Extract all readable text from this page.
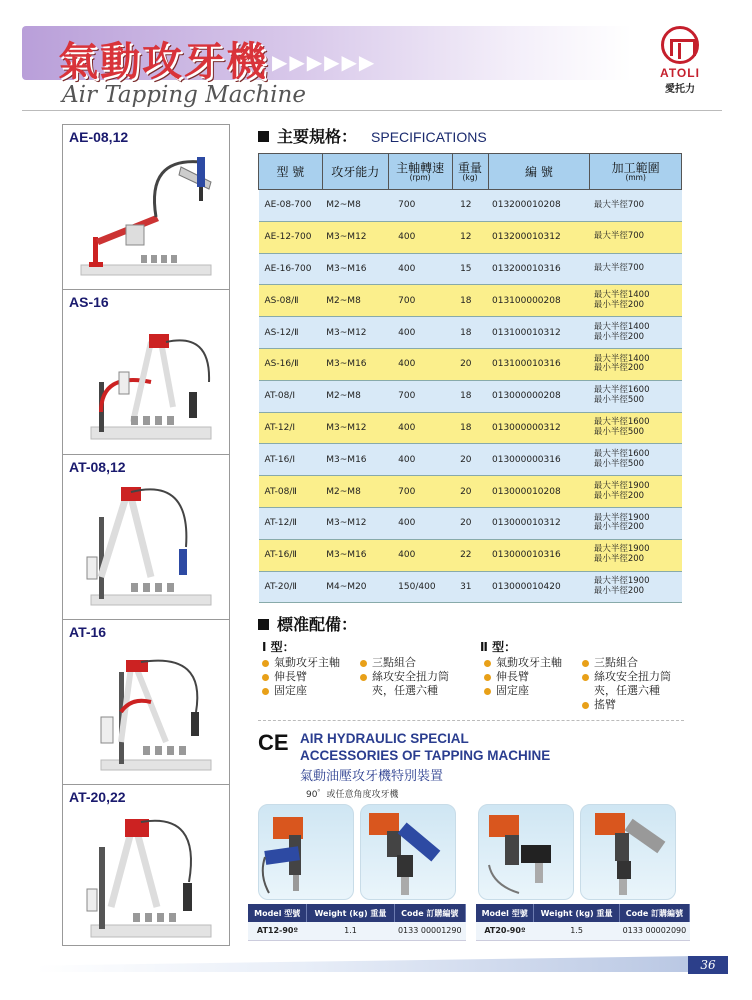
氣動攻牙機 ▶▶▶▶▶▶
Air Tapping Machine
ATOLI
愛托力
AE-08,12
AS-16
AT-08,12
AT-16
AT-20,22
主要規格： SPECIFICATIONS
型 號	攻牙能力	主軸轉速
(rpm)	重量
(kg)	編 號	加工範圍
(mm)

AE-08-700	M2~M8	700	12	013200010208	最大半徑700

AE-12-700	M3~M12	400	12	013200010312	最大半徑700

AE-16-700	M3~M16	400	15	013200010316	最大半徑700

AS-08/Ⅱ	M2~M8	700	18	013100000208	最大半徑1400
最小半徑200

AS-12/Ⅱ	M3~M12	400	18	013100010312	最大半徑1400
最小半徑200

AS-16/Ⅱ	M3~M16	400	20	013100010316	最大半徑1400
最小半徑200

AT-08/Ⅰ	M2~M8	700	18	013000000208	最大半徑1600
最小半徑500

AT-12/Ⅰ	M3~M12	400	18	013000000312	最大半徑1600
最小半徑500

AT-16/Ⅰ	M3~M16	400	20	013000000316	最大半徑1600
最小半徑500

AT-08/Ⅱ	M2~M8	700	20	013000010208	最大半徑1900
最小半徑200

AT-12/Ⅱ	M3~M12	400	20	013000010312	最大半徑1900
最小半徑200

AT-16/Ⅱ	M3~M16	400	22	013000010316	最大半徑1900
最小半徑200

AT-20/Ⅱ	M4~M20	150/400	31	013000010420	最大半徑1900
最小半徑200
標准配備：
Ⅰ 型：
氣動攻牙主軸
伸長臂
固定座
三點組合
絲攻安全扭力筒
夾，任選六種
Ⅱ 型：
氣動攻牙主軸
伸長臂
固定座
三點組合
絲攻安全扭力筒
夾，任選六種
搖臂
CE AIR HYDRAULIC SPECIAL
ACCESSORIES OF TAPPING MACHINE
氣動油壓攻牙機特別裝置
90゜或任意角度攻牙機
Model 型號	Weight (kg) 重量	Code 訂購編號
AT12-90º	1.1	0133 00001290
Model 型號	Weight (kg) 重量	Code 訂購編號
AT20-90º	1.5	0133 00002090
36
